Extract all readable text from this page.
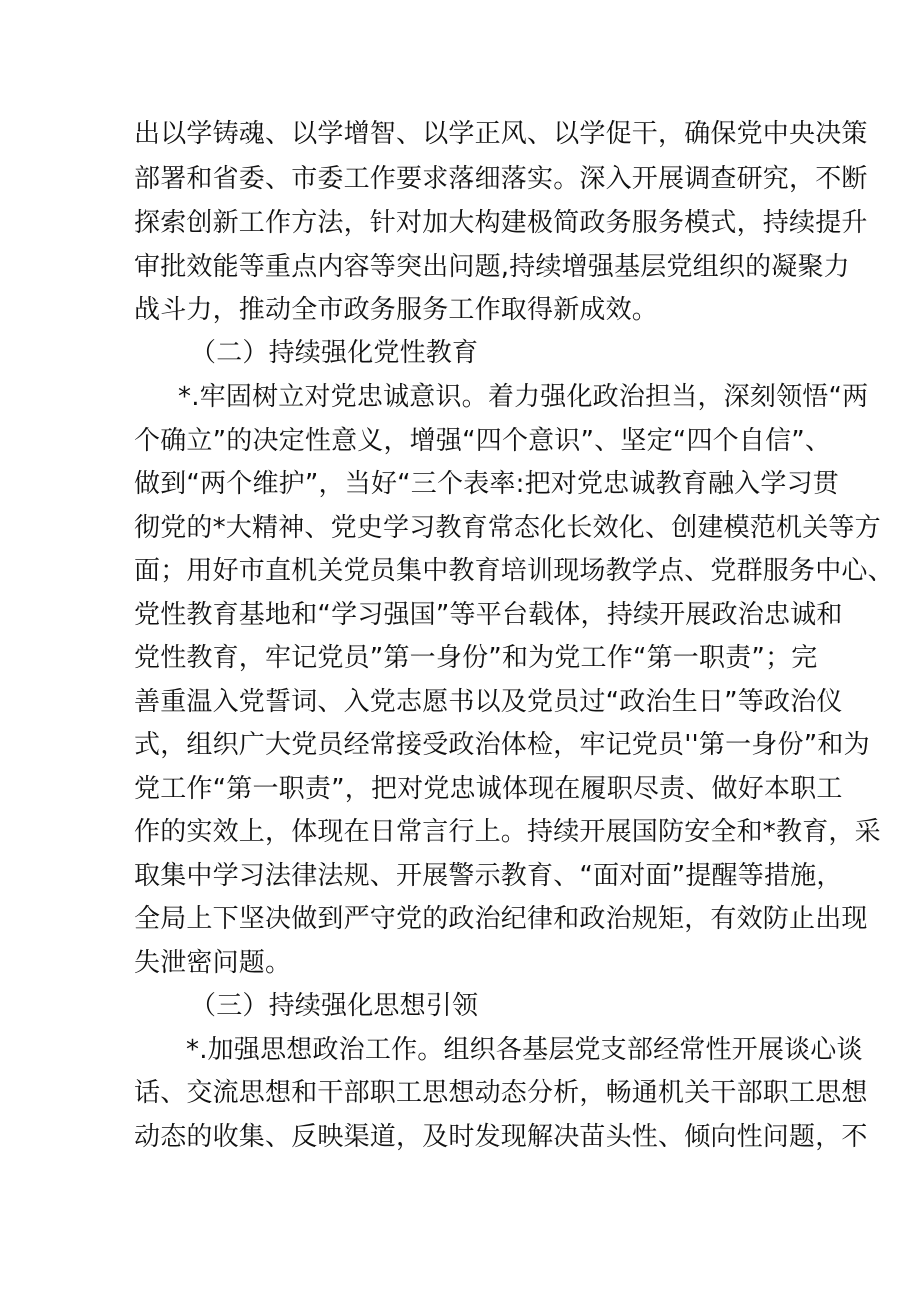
出以学铸魂、以学增智、以学正风、以学促干，确保党中央决策
部署和省委、市委工作要求落细落实。深入开展调查研究，不断
探索创新工作方法，针对加大构建极简政务服务模式，持续提升
审批效能等重点内容等突出问题,持续增强基层党组织的凝聚力
战斗力，推动全市政务服务工作取得新成效。
（二）持续强化党性教育
*.牢固树立对党忠诚意识。着力强化政治担当，深刻领悟“两
个确立”的决定性意义，增强“四个意识”、坚定“四个自信”、
做到“两个维护”，当好“三个表率:把对党忠诚教育融入学习贯
彻党的*大精神、党史学习教育常态化长效化、创建模范机关等方
面；用好市直机关党员集中教育培训现场教学点、党群服务中心、
党性教育基地和“学习强国”等平台载体，持续开展政治忠诚和
党性教育，牢记党员”第一身份”和为党工作“第一职责”；完
善重温入党誓词、入党志愿书以及党员过“政治生日”等政治仪
式，组织广大党员经常接受政治体检，牢记党员''第一身份”和为
党工作“第一职责”，把对党忠诚体现在履职尽责、做好本职工
作的实效上，体现在日常言行上。持续开展国防安全和*教育，采
取集中学习法律法规、开展警示教育、“面对面”提醒等措施，
全局上下坚决做到严守党的政治纪律和政治规矩，有效防止出现
失泄密问题。
（三）持续强化思想引领
*.加强思想政治工作。组织各基层党支部经常性开展谈心谈
话、交流思想和干部职工思想动态分析，畅通机关干部职工思想
动态的收集、反映渠道，及时发现解决苗头性、倾向性问题，不
